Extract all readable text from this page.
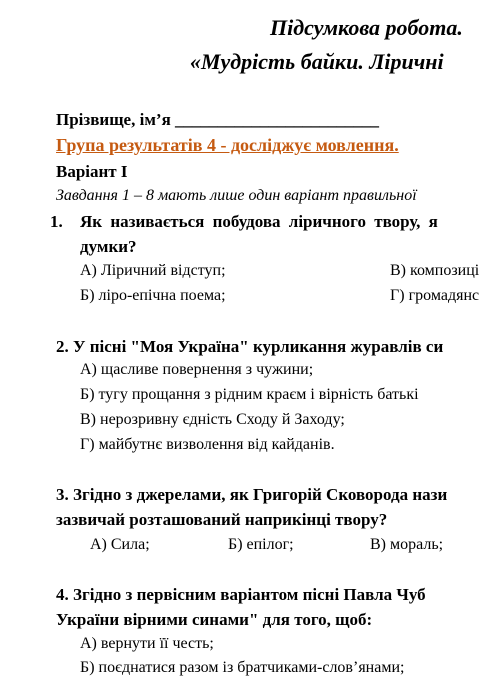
Підсумкова робота.
«Мудрість байки. Ліричні
Прізвище, ім’я ________________________
Група результатів 4 - досліджує мовлення.
Варіант І
Завдання 1 – 8 мають лише один варіант правильної
1. Як називається побудова ліричного твору, я
думки?
А) Ліричний відступ;	В) композиці
Б) ліро-епічна поема;	Г) громадянс
2. У пісні "Моя Україна" курликання журавлів си
А) щасливе повернення з чужини;
Б) тугу прощання з рідним краєм і вірність батькі
В) нерозривну єдність Сходу й Заходу;
Г) майбутнє визволення від кайданів.
3. Згідно з джерелами, як Григорій Сковорода нази
зазвичай розташований наприкінці твору?
А) Сила;	Б) епілог;	В) мораль;
4. Згідно з первісним варіантом пісні Павла Чуб
України вірними синами" для того, щоб:
А) вернути її честь;
Б) поєднатися разом із братчиками-слов’янами;
